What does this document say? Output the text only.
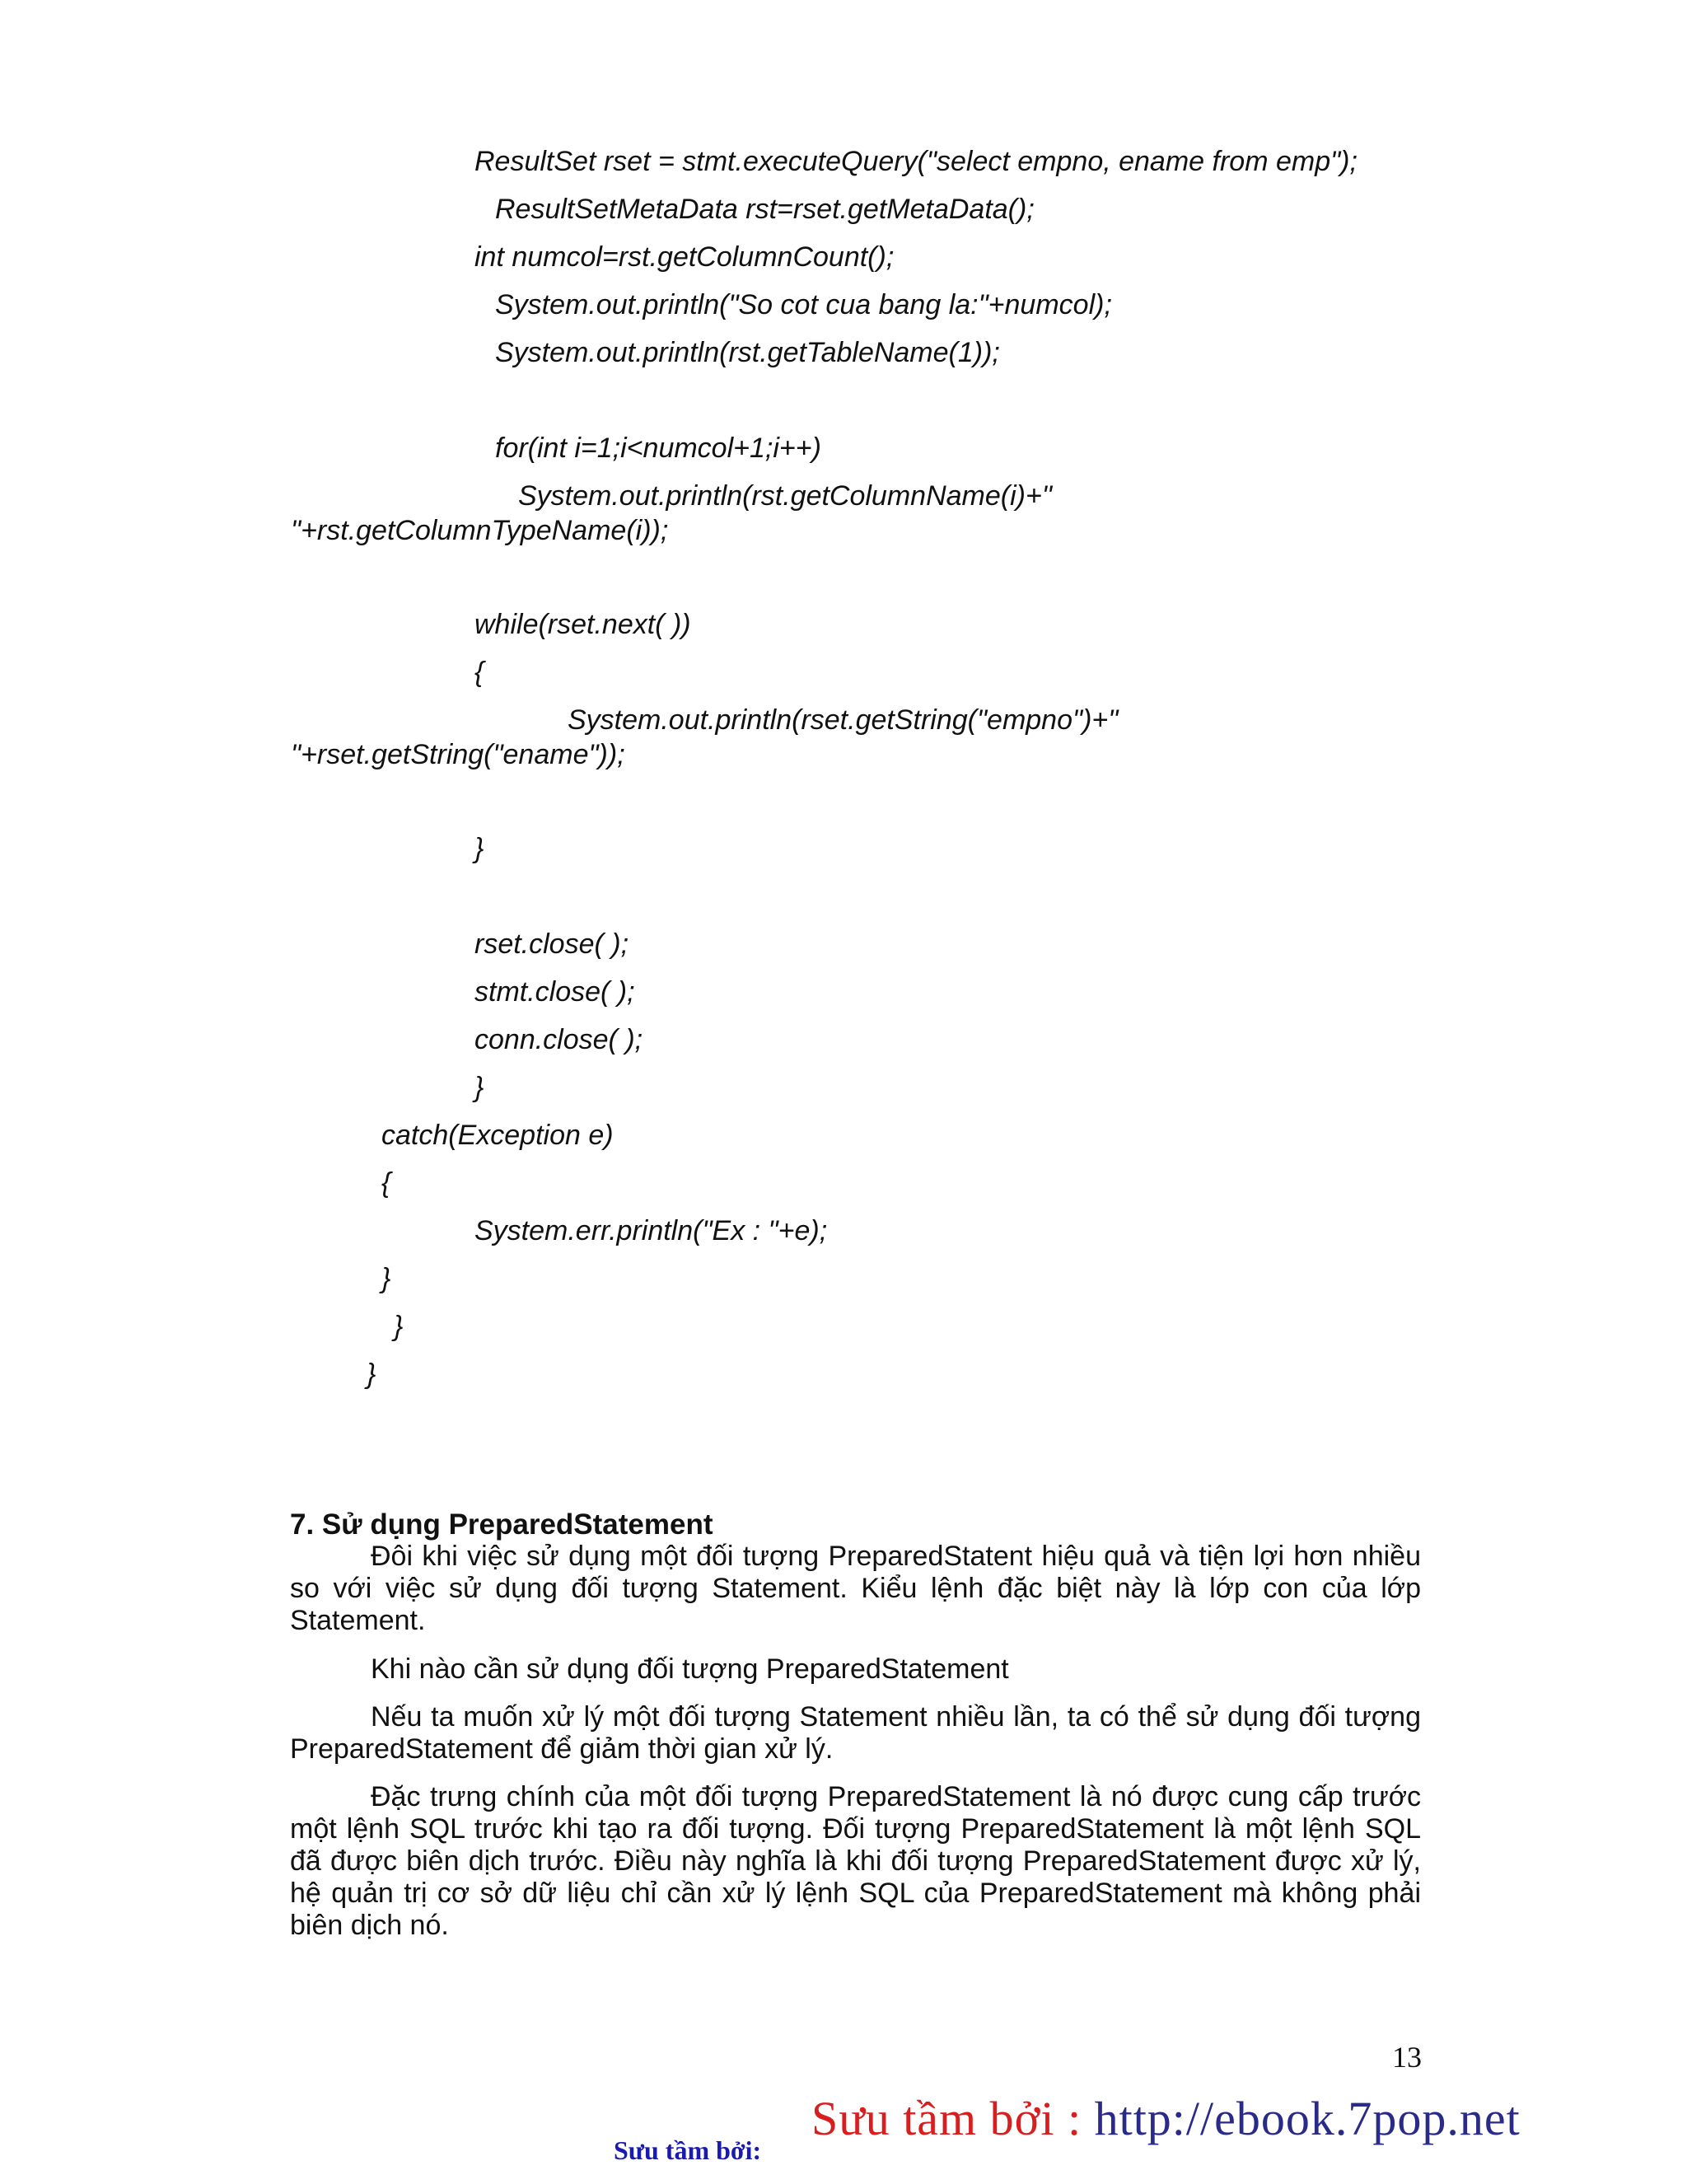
ResultSet rset = stmt.executeQuery("select empno, ename from emp");
ResultSetMetaData rst=rset.getMetaData();
int numcol=rst.getColumnCount();
System.out.println("So cot cua bang la:"+numcol);
System.out.println(rst.getTableName(1));
for(int i=1;i<numcol+1;i++)
System.out.println(rst.getColumnName(i)+"
"+rst.getColumnTypeName(i));
while(rset.next( ))
{
System.out.println(rset.getString("empno")+"
"+rset.getString("ename"));
}
rset.close( );
stmt.close( );
conn.close( );
}
catch(Exception e)
{
System.err.println("Ex : "+e);
}
}
}
7. Sử dụng PreparedStatement

Đôi khi việc sử dụng một đối tượng PreparedStatent hiệu quả và tiện lợi hơn nhiều so với việc sử dụng đối tượng Statement. Kiểu lệnh đặc biệt này là lớp con của lớp Statement.

Khi nào cần sử dụng đối tượng PreparedStatement

Nếu ta muốn xử lý một đối tượng Statement nhiều lần, ta có thể sử dụng đối tượng PreparedStatement để giảm thời gian xử lý.

Đặc trưng chính của một đối tượng PreparedStatement là nó được cung cấp trước một lệnh SQL trước khi tạo ra đối tượng. Đối tượng PreparedStatement là một lệnh SQL đã được biên dịch trước. Điều này nghĩa là khi đối tượng PreparedStatement được xử lý, hệ quản trị cơ sở dữ liệu chỉ cần xử lý lệnh SQL của PreparedStatement mà không phải biên dịch nó.

13
Sưu tầm bởi : http://ebook.7pop.net
Sưu tầm bởi:
